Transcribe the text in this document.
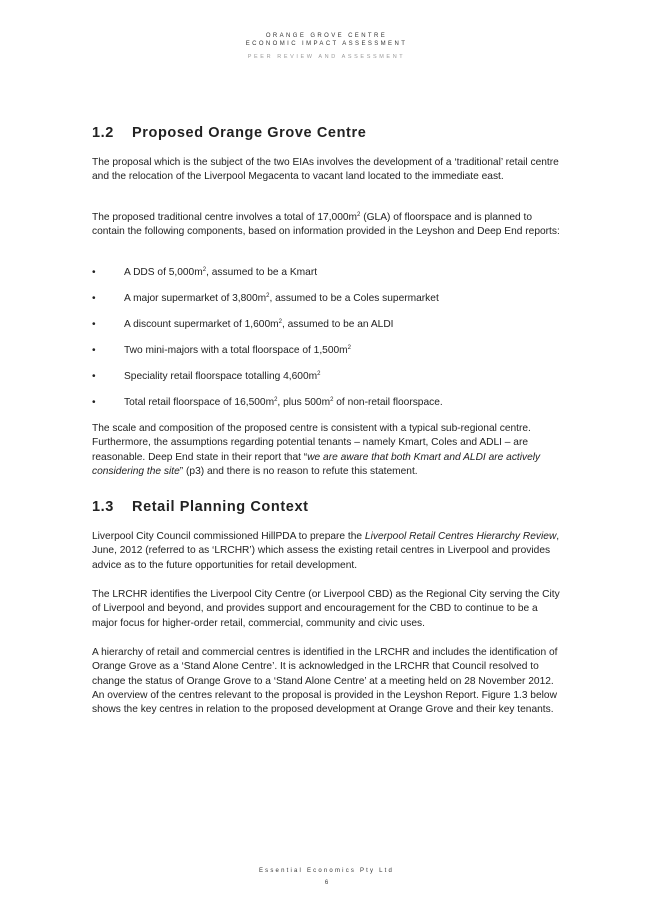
ORANGE GROVE CENTRE
ECONOMIC IMPACT ASSESSMENT
PEER REVIEW AND ASSESSMENT
1.2 Proposed Orange Grove Centre

The proposal which is the subject of the two EIAs involves the development of a ‘traditional’ retail centre and the relocation of the Liverpool Megacenta to vacant land located to the immediate east.

The proposed traditional centre involves a total of $17,000m^2$ (GLA) of floorspace and is planned to contain the following components, based on information provided in the Leyshon and Deep End reports:

•	A DDS of $5,000m^2$, assumed to be a Kmart
•	A major supermarket of $3,800m^2$, assumed to be a Coles supermarket
•	A discount supermarket of $1,600m^2$, assumed to be an ALDI
•	Two mini-majors with a total floorspace of $1,500m^2$
•	Speciality retail floorspace totalling $4,600m^2$
•	Total retail floorspace of $16,500m^2$, plus $500m^2$ of non-retail floorspace.

The scale and composition of the proposed centre is consistent with a typical sub-regional centre. Furthermore, the assumptions regarding potential tenants – namely Kmart, Coles and ADLI – are reasonable. Deep End state in their report that “we are aware that both Kmart and ALDI are actively considering the site” (p3) and there is no reason to refute this statement.

1.3 Retail Planning Context

Liverpool City Council commissioned HillPDA to prepare the Liverpool Retail Centres Hierarchy Review, June, 2012 (referred to as ‘LRCHR’) which assess the existing retail centres in Liverpool and provides advice as to the future opportunities for retail development.

The LRCHR identifies the Liverpool City Centre (or Liverpool CBD) as the Regional City serving the City of Liverpool and beyond, and provides support and encouragement for the CBD to continue to be a major focus for higher-order retail, commercial, community and civic uses.

A hierarchy of retail and commercial centres is identified in the LRCHR and includes the identification of Orange Grove as a ‘Stand Alone Centre’. It is acknowledged in the LRCHR that Council resolved to change the status of Orange Grove to a ‘Stand Alone Centre’ at a meeting held on 28 November 2012. An overview of the centres relevant to the proposal is provided in the Leyshon Report. Figure 1.3 below shows the key centres in relation to the proposed development at Orange Grove and their key tenants.

Essential Economics Pty Ltd
6
